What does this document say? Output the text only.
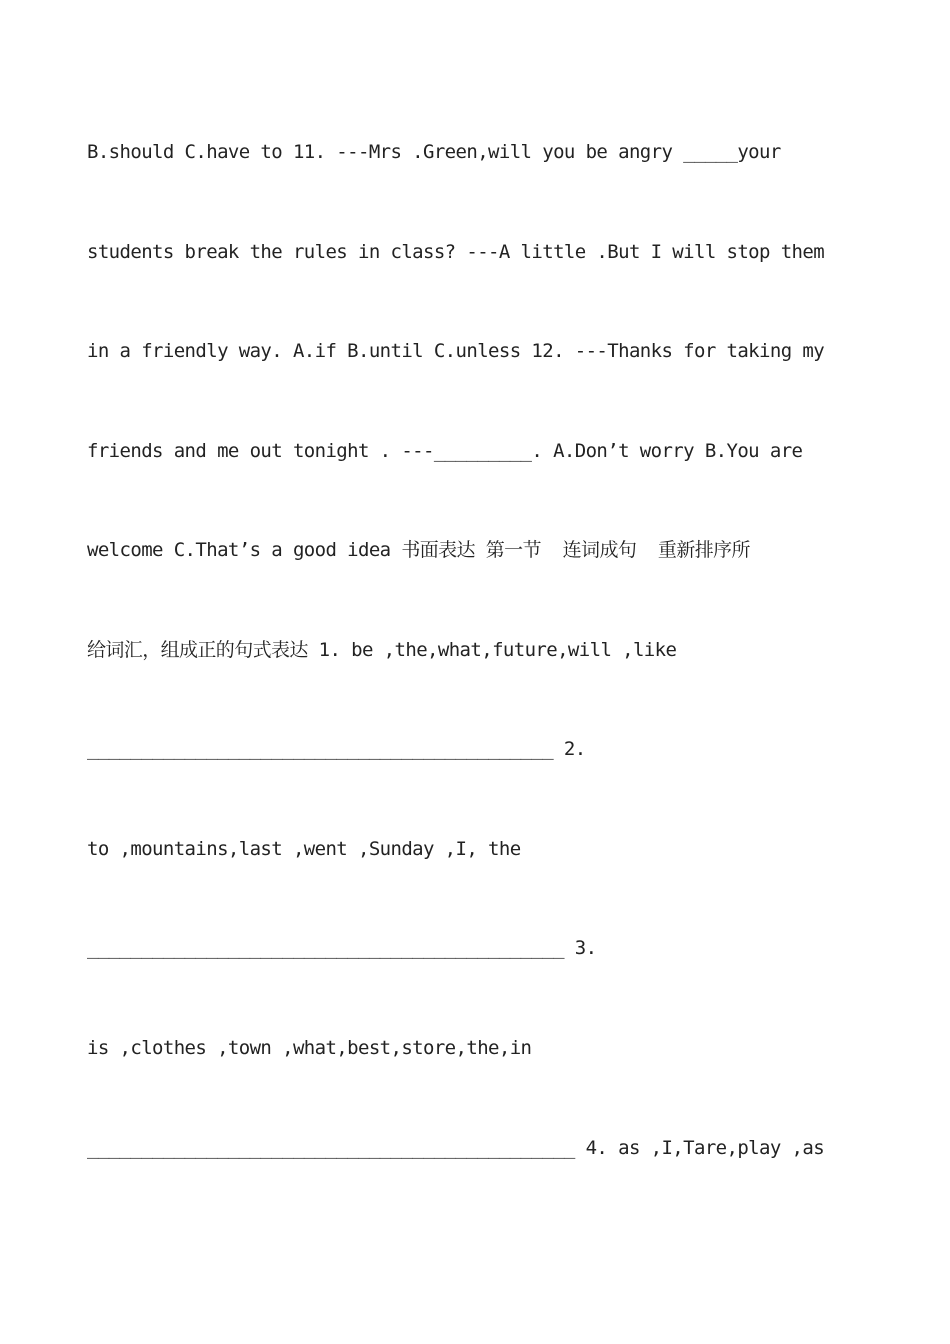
B.should C.have to 11. ---Mrs .Green,will you be angry _____your
students break the rules in class? ---A little .But I will stop them
in a friendly way. A.if B.until C.unless 12. ---Thanks for taking my
friends and me out tonight . ---_________. A.Don’t worry B.You are
welcome C.That’s a good idea 书面表达 第一节  连词成句  重新排序所
给词汇，组成正的句式表达 1. be ,the,what,future,will ,like
___________________________________________ 2.
to ,mountains,last ,went ,Sunday ,I, the
____________________________________________ 3.
is ,clothes ,town ,what,best,store,the,in
_____________________________________________ 4. as ,I,Tare,play ,as
